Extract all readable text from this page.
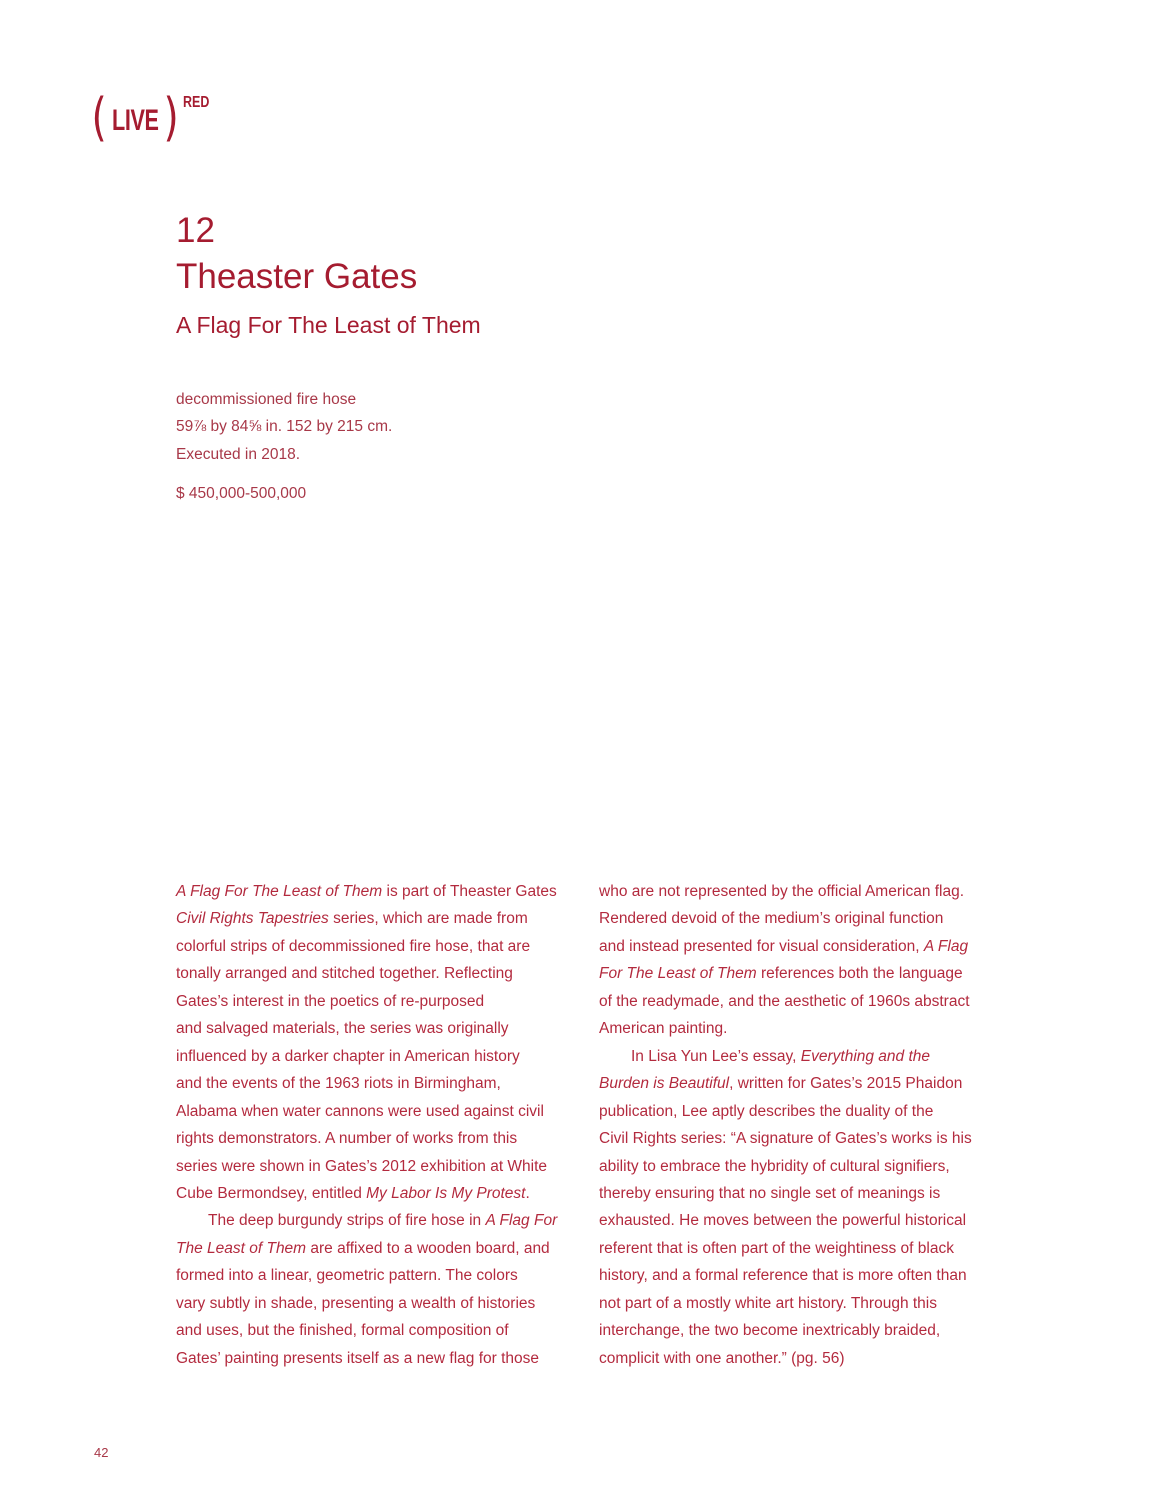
( LIVE ) RED
12
Theaster Gates
A Flag For The Least of Them
decommissioned fire hose
59⅞ by 84⅝ in. 152 by 215 cm.
Executed in 2018.
$ 450,000-500,000
A Flag For The Least of Them is part of Theaster Gates
Civil Rights Tapestries series, which are made from
colorful strips of decommissioned fire hose, that are
tonally arranged and stitched together. Reflecting
Gates’s interest in the poetics of re-purposed
and salvaged materials, the series was originally
influenced by a darker chapter in American history
and the events of the 1963 riots in Birmingham,
Alabama when water cannons were used against civil
rights demonstrators. A number of works from this
series were shown in Gates’s 2012 exhibition at White
Cube Bermondsey, entitled My Labor Is My Protest.
The deep burgundy strips of fire hose in A Flag For
The Least of Them are affixed to a wooden board, and
formed into a linear, geometric pattern. The colors
vary subtly in shade, presenting a wealth of histories
and uses, but the finished, formal composition of
Gates’ painting presents itself as a new flag for those
who are not represented by the official American flag.
Rendered devoid of the medium’s original function
and instead presented for visual consideration, A Flag
For The Least of Them references both the language
of the readymade, and the aesthetic of 1960s abstract
American painting.
In Lisa Yun Lee’s essay, Everything and the
Burden is Beautiful, written for Gates’s 2015 Phaidon
publication, Lee aptly describes the duality of the
Civil Rights series: “A signature of Gates’s works is his
ability to embrace the hybridity of cultural signifiers,
thereby ensuring that no single set of meanings is
exhausted. He moves between the powerful historical
referent that is often part of the weightiness of black
history, and a formal reference that is more often than
not part of a mostly white art history. Through this
interchange, the two become inextricably braided,
complicit with one another.” (pg. 56)
42
